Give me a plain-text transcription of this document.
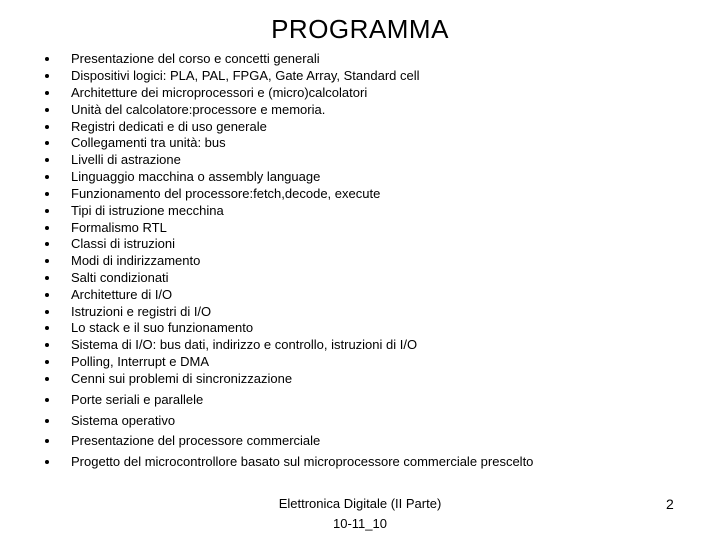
PROGRAMMA
Presentazione del corso e concetti generali
Dispositivi logici: PLA, PAL, FPGA, Gate Array, Standard cell
Architetture dei microprocessori e (micro)calcolatori
Unità del calcolatore:processore e memoria.
Registri dedicati e di uso generale
Collegamenti tra unità: bus
Livelli di astrazione
Linguaggio macchina o assembly language
Funzionamento del processore:fetch,decode, execute
Tipi di istruzione mecchina
Formalismo RTL
Classi di istruzioni
Modi di indirizzamento
Salti condizionati
Architetture di I/O
Istruzioni e registri di I/O
Lo stack e il suo funzionamento
Sistema di I/O: bus dati, indirizzo e controllo, istruzioni di I/O
Polling, Interrupt e DMA
Cenni sui problemi di sincronizzazione
Porte seriali e parallele
Sistema operativo
Presentazione del processore commerciale
Progetto del microcontrollore basato sul microprocessore commerciale prescelto
Elettronica Digitale (II Parte)
10-11_10
2
